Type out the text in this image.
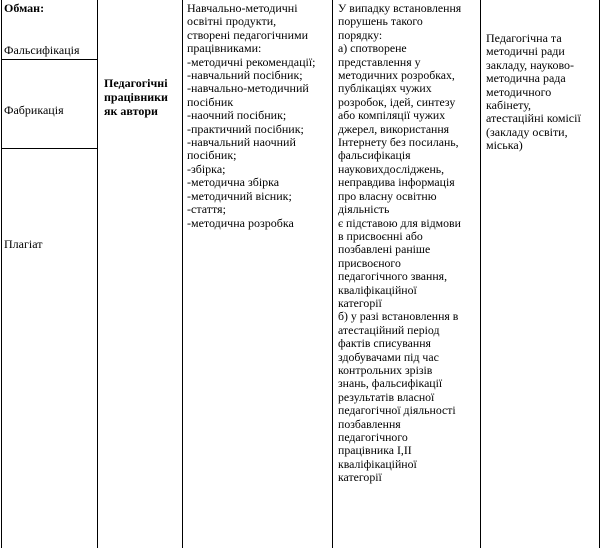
Обман:
Фальсифікація
Фабрикація
Плагіат
Педагогічні
працівники
як автори
Навчально-методичні
освітні продукти,
створені педагогічними
працівниками:
-методичні рекомендації;
-навчальний посібник;
-навчально-методичний
посібник
-наочний посібник;
-практичний посібник;
-навчальний наочний
посібник;
-збірка;
-методична збірка
-методичний вісник;
-стаття;
-методична розробка
У випадку встановлення
порушень такого
порядку:
а) спотворене
представлення у
методичних розробках,
публікаціях чужих
розробок, ідей, синтезу
або компіляції чужих
джерел, використання
Інтернету без посилань,
фальсифікація
науковихдосліджень,
неправдива інформація
про власну освітню
діяльність
є підставою для відмови
в присвоєнні або
позбавлені раніше
присвоєного
педагогічного звання,
кваліфікаційної
категорії
б) у разі встановлення в
атестаційний період
фактів списування
здобувачами під час
контрольних зрізів
знань, фальсифікації
результатів власної
педагогічної діяльності
позбавлення
педагогічного
працівника І,ІІ
кваліфікаційної
категорії
Педагогічна та
методичні ради
закладу, науково-
методична рада
методичного
кабінету,
атестаційні комісії
(закладу освіти,
міська)
